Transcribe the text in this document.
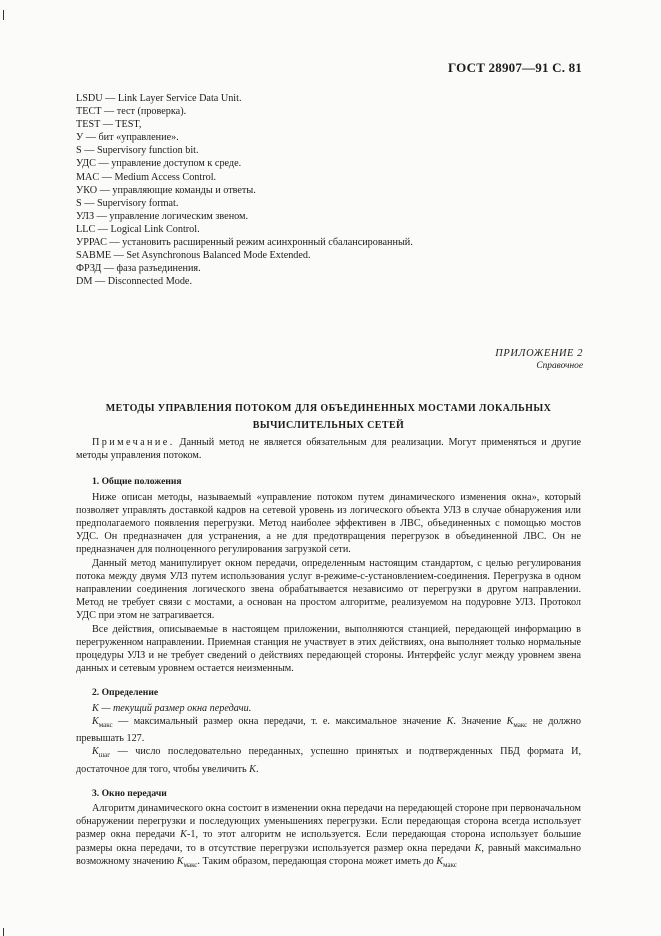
ГОСТ 28907—91 С. 81
LSDU — Link Layer Service Data Unit.
ТЕСТ — тест (проверка).
TEST — TEST,
У — бит «управление».
S — Supervisory function bit.
УДС — управление доступом к среде.
MAC — Medium Access Control.
УКО — управляющие команды и ответы.
S — Supervisory format.
УЛЗ — управление логическим звеном.
LLC — Logical Link Control.
УРРАС — установить расширенный режим асинхронный сбалансированный.
SABME — Set Asynchronous Balanced Mode Extended.
ФРЗД — фаза разъединения.
DM — Disconnected Mode.
ПРИЛОЖЕНИЕ 2
Справочное
МЕТОДЫ УПРАВЛЕНИЯ ПОТОКОМ ДЛЯ ОБЪЕДИНЕННЫХ МОСТАМИ ЛОКАЛЬНЫХ
ВЫЧИСЛИТЕЛЬНЫХ СЕТЕЙ

Примечание. Данный метод не является обязательным для реализации. Могут применяться и другие методы управления потоком.

1. Общие положения

Ниже описан методы, называемый «управление потоком путем динамического изменения окна», который позволяет управлять доставкой кадров на сетевой уровень из логического объекта УЛЗ в случае обнаружения или предполагаемого появления перегрузки. Метод наиболее эффективен в ЛВС, объединенных с помощью мостов УДС. Он предназначен для устранения, а не для предотвращения перегрузок в объединенной ЛВС. Он не предназначен для полноценного регулирования загрузкой сети.

Данный метод манипулирует окном передачи, определенным настоящим стандартом, с целью регулирования потока между двумя УЛЗ путем использования услуг в-режиме-с-установлением-соединения. Перегрузка в одном направлении соединения логического звена обрабатывается независимо от перегрузки в другом направлении. Метод не требует связи с мостами, а основан на простом алгоритме, реализуемом на подуровне УЛЗ. Протокол УДС при этом не затрагивается.

Все действия, описываемые в настоящем приложении, выполняются станцией, передающей информацию в перегруженном направлении. Приемная станция не участвует в этих действиях, она выполняет только нормальные процедуры УЛЗ и не требует сведений о действиях передающей стороны. Интерфейс услуг между уровнем звена данных и сетевым уровнем остается неизменным.

2. Определение

K — текущий размер окна передачи.

$K_{макс}$ — максимальный размер окна передачи, т. е. максимальное значение K. Значение $K_{макс}$ не должно превышать 127.

$K_{шаг}$ — число последовательно переданных, успешно принятых и подтвержденных ПБД формата И, достаточное для того, чтобы увеличить K.

3. Окно передачи

Алгоритм динамического окна состоит в изменении окна передачи на передающей стороне при первоначальном обнаружении перегрузки и последующих уменьшениях перегрузки. Если передающая сторона всегда использует размер окна передачи K-1, то этот алгоритм не используется. Если передающая сторона использует большие размеры окна передачи, то в отсутствие перегрузки используется размер окна передачи K, равный максимально возможному значению $K_{макс}$. Таким образом, передающая сторона может иметь до $K_{макс}$
